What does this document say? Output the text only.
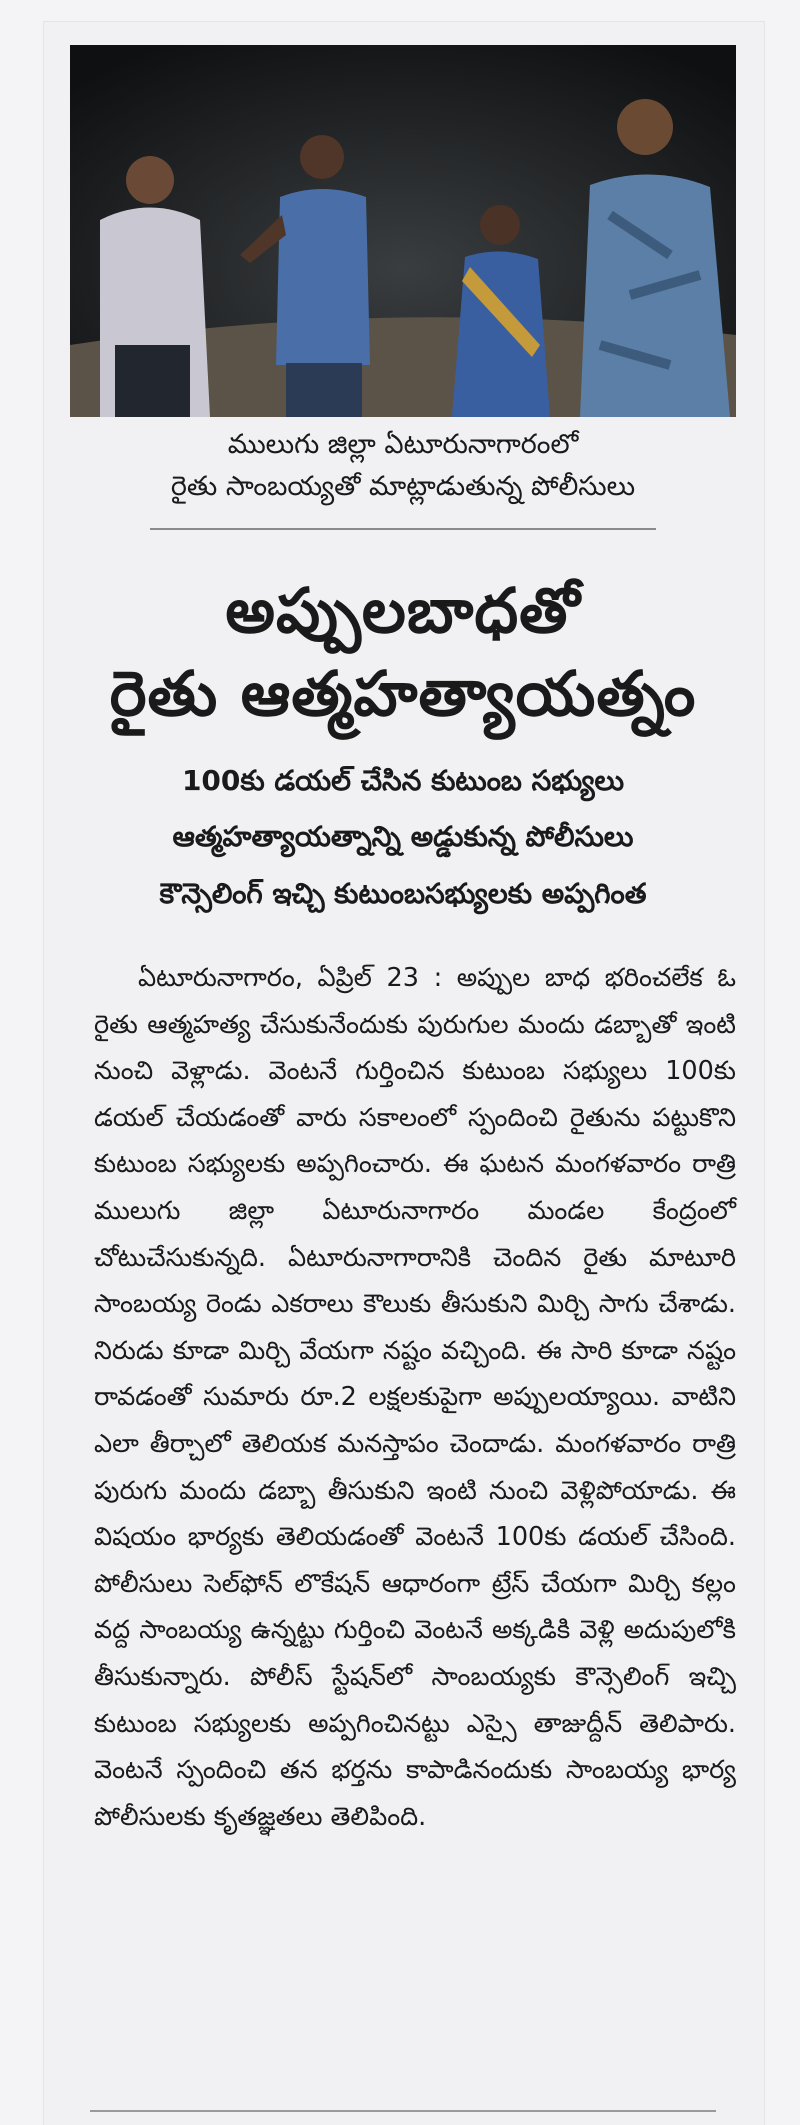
ములుగు జిల్లా ఏటూరునాగారంలో
రైతు సాంబయ్యతో మాట్లాడుతున్న పోలీసులు
అప్పులబాధతో
రైతు ఆత్మహత్యాయత్నం
100కు డయల్ చేసిన కుటుంబ సభ్యులు
ఆత్మహత్యాయత్నాన్ని అడ్డుకున్న పోలీసులు
కౌన్సెలింగ్ ఇచ్చి కుటుంబసభ్యులకు అప్పగింత
ఏటూరునాగారం, ఏప్రిల్ 23 : అప్పుల బాధ భరించలేక ఓ రైతు ఆత్మహత్య చేసుకునేందుకు పురుగుల మందు డబ్బాతో ఇంటి నుంచి వెళ్లాడు. వెంటనే గుర్తించిన కుటుంబ సభ్యులు 100కు డయల్ చేయడంతో వారు సకాలంలో స్పందించి రైతును పట్టుకొని కుటుంబ సభ్యులకు అప్పగించారు. ఈ ఘటన మంగళవారం రాత్రి ములుగు జిల్లా ఏటూరునాగారం మండల కేంద్రంలో చోటుచేసుకున్నది. ఏటూరునాగారానికి చెందిన రైతు మాటూరి సాంబయ్య రెండు ఎకరాలు కౌలుకు తీసుకుని మిర్చి సాగు చేశాడు. నిరుడు కూడా మిర్చి వేయగా నష్టం వచ్చింది. ఈ సారి కూడా నష్టం రావడంతో సుమారు రూ.2 లక్షలకుపైగా అప్పులయ్యాయి. వాటిని ఎలా తీర్చాలో తెలియక మనస్తాపం చెందాడు. మంగళవారం రాత్రి పురుగు మందు డబ్బా తీసుకుని ఇంటి నుంచి వెళ్లిపోయాడు. ఈ విషయం భార్యకు తెలియడంతో వెంటనే 100కు డయల్ చేసింది. పోలీసులు సెల్‌ఫోన్ లొకేషన్ ఆధారంగా ట్రేస్ చేయగా మిర్చి కల్లం వద్ద సాంబయ్య ఉన్నట్టు గుర్తించి వెంటనే అక్కడికి వెళ్లి అదుపులోకి తీసుకున్నారు. పోలీస్ స్టేషన్‌లో సాంబయ్యకు కౌన్సెలింగ్ ఇచ్చి కుటుంబ సభ్యులకు అప్పగించినట్టు ఎస్సై తాజుద్దీన్ తెలిపారు. వెంటనే స్పందించి తన భర్తను కాపాడినందుకు సాంబయ్య భార్య పోలీసులకు కృతజ్ఞతలు తెలిపింది.
